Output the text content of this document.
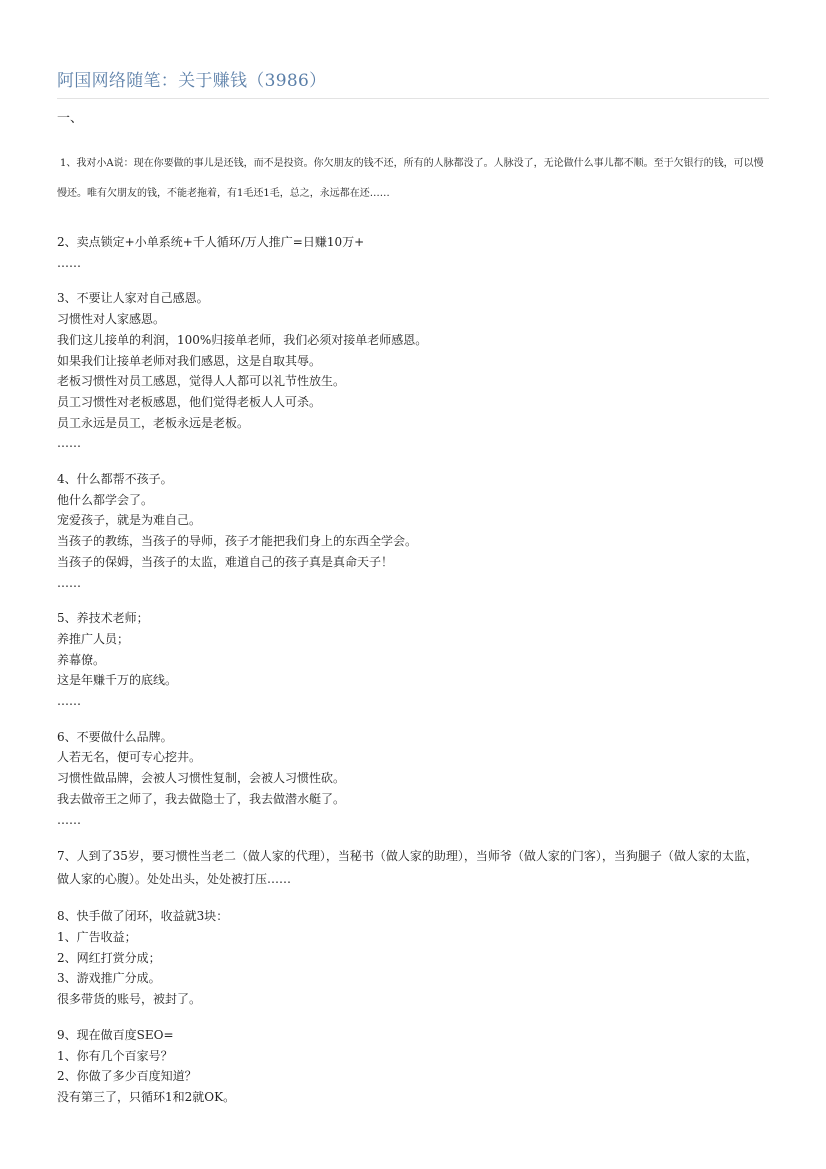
阿国网络随笔：关于赚钱（3986）
一、
1、我对小A说：现在你要做的事儿是还钱，而不是投资。你欠朋友的钱不还，所有的人脉都没了。人脉没了，无论做什么事儿都不顺。至于欠银行的钱，可以慢慢还。唯有欠朋友的钱，不能老拖着，有1毛还1毛，总之，永远都在还……
2、卖点锁定+小单系统+千人循环/万人推广=日赚10万+
……
3、不要让人家对自己感恩。
习惯性对人家感恩。
我们这儿接单的利润，100%归接单老师，我们必须对接单老师感恩。
如果我们让接单老师对我们感恩，这是自取其辱。
老板习惯性对员工感恩，觉得人人都可以礼节性放生。
员工习惯性对老板感恩，他们觉得老板人人可杀。
员工永远是员工，老板永远是老板。
……
4、什么都帮不孩子。
他什么都学会了。
宠爱孩子，就是为难自己。
当孩子的教练，当孩子的导师，孩子才能把我们身上的东西全学会。
当孩子的保姆，当孩子的太监，难道自己的孩子真是真命天子！
……
5、养技术老师；
养推广人员；
养幕僚。
这是年赚千万的底线。
……
6、不要做什么品牌。
人若无名，便可专心挖井。
习惯性做品牌，会被人习惯性复制，会被人习惯性砍。
我去做帝王之师了，我去做隐士了，我去做潜水艇了。
……
7、人到了35岁，要习惯性当老二（做人家的代理），当秘书（做人家的助理），当师爷（做人家的门客），当狗腿子（做人家的太监，做人家的心腹）。处处出头，处处被打压……
8、快手做了闭环，收益就3块：
1、广告收益；
2、网红打赏分成；
3、游戏推广分成。
很多带货的账号，被封了。
9、现在做百度SEO=
1、你有几个百家号？
2、你做了多少百度知道？
没有第三了，只循环1和2就OK。
